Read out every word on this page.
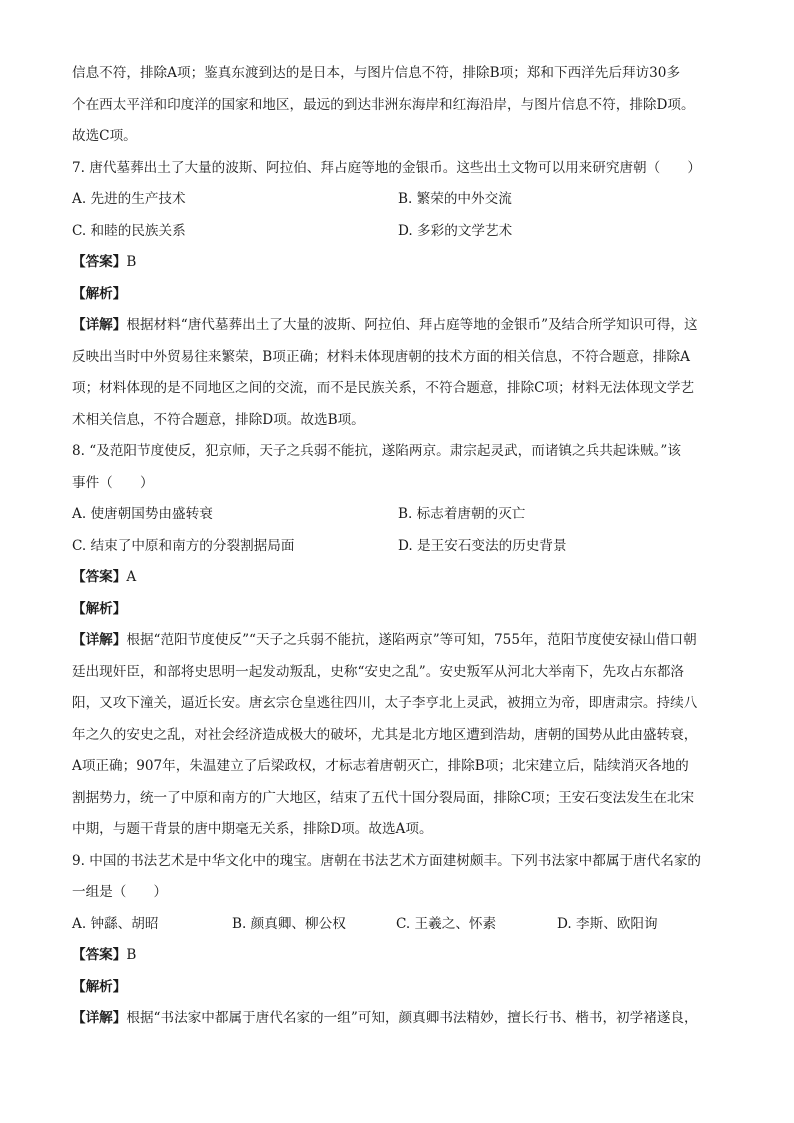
信息不符，排除A项；鉴真东渡到达的是日本，与图片信息不符，排除B项；郑和下西洋先后拜访30多

个在西太平洋和印度洋的国家和地区，最远的到达非洲东海岸和红海沿岸，与图片信息不符，排除D项。

故选C项。

7. 唐代墓葬出土了大量的波斯、阿拉伯、拜占庭等地的金银币。这些出土文物可以用来研究唐朝（　　）

A. 先进的生产技术	B. 繁荣的中外交流
C. 和睦的民族关系	D. 多彩的文学艺术

【答案】B

【解析】

【详解】根据材料“唐代墓葬出土了大量的波斯、阿拉伯、拜占庭等地的金银币”及结合所学知识可得，这

反映出当时中外贸易往来繁荣，B项正确；材料未体现唐朝的技术方面的相关信息，不符合题意，排除A

项；材料体现的是不同地区之间的交流，而不是民族关系，不符合题意，排除C项；材料无法体现文学艺

术相关信息，不符合题意，排除D项。故选B项。

8. “及范阳节度使反，犯京师，天子之兵弱不能抗，遂陷两京。肃宗起灵武，而诸镇之兵共起诛贼。”该

事件（　　）

A. 使唐朝国势由盛转衰	B. 标志着唐朝的灭亡
C. 结束了中原和南方的分裂割据局面	D. 是王安石变法的历史背景

【答案】A

【解析】

【详解】根据“范阳节度使反”“天子之兵弱不能抗，遂陷两京”等可知，755年，范阳节度使安禄山借口朝

廷出现奸臣，和部将史思明一起发动叛乱，史称“安史之乱”。安史叛军从河北大举南下，先攻占东都洛

阳，又攻下潼关，逼近长安。唐玄宗仓皇逃往四川，太子李亨北上灵武，被拥立为帝，即唐肃宗。持续八

年之久的安史之乱，对社会经济造成极大的破坏，尤其是北方地区遭到浩劫，唐朝的国势从此由盛转衰，

A项正确；907年，朱温建立了后梁政权，才标志着唐朝灭亡，排除B项；北宋建立后，陆续消灭各地的

割据势力，统一了中原和南方的广大地区，结束了五代十国分裂局面，排除C项；王安石变法发生在北宋

中期，与题干背景的唐中期毫无关系，排除D项。故选A项。

9. 中国的书法艺术是中华文化中的瑰宝。唐朝在书法艺术方面建树颇丰。下列书法家中都属于唐代名家的

一组是（　　）

A. 钟繇、胡昭	B. 颜真卿、柳公权	C. 王羲之、怀素	D. 李斯、欧阳询

【答案】B

【解析】

【详解】根据“书法家中都属于唐代名家的一组”可知，颜真卿书法精妙，擅长行书、楷书，初学褚遂良，
